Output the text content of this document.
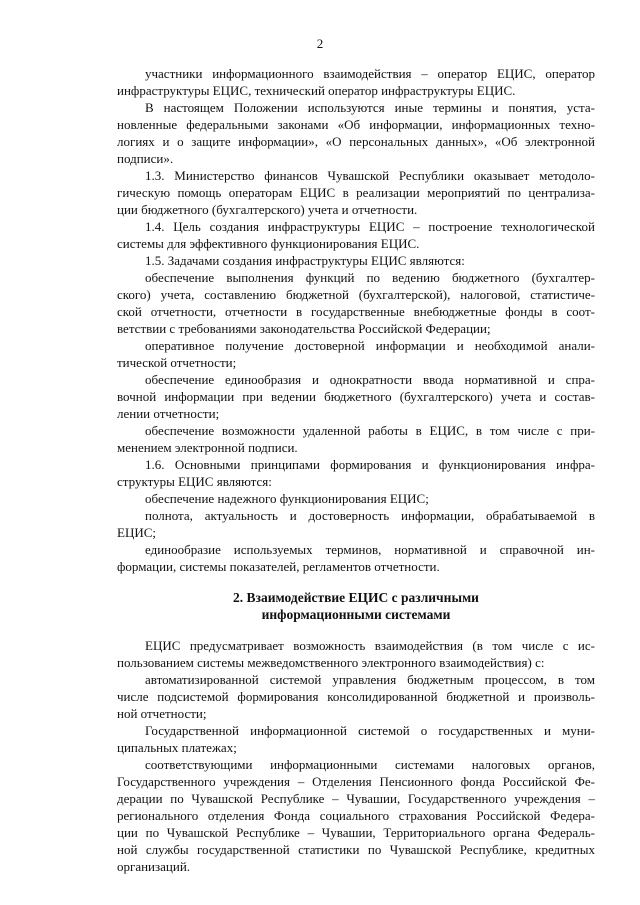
2
участники информационного взаимодействия – оператор ЕЦИС, оператор
инфраструктуры ЕЦИС, технический оператор инфраструктуры ЕЦИС.
В настоящем Положении используются иные термины и понятия, уста-
новленные федеральными законами «Об информации, информационных техно-
логиях и о защите информации», «О персональных данных», «Об электронной
подписи».
1.3. Министерство финансов Чувашской Республики оказывает методоло-
гическую помощь операторам ЕЦИС в реализации мероприятий по централиза-
ции бюджетного (бухгалтерского) учета и отчетности.
1.4. Цель создания инфраструктуры ЕЦИС – построение технологической
системы для эффективного функционирования ЕЦИС.
1.5. Задачами создания инфраструктуры ЕЦИС являются:
обеспечение выполнения функций по ведению бюджетного (бухгалтер-
ского) учета, составлению бюджетной (бухгалтерской), налоговой, статистиче-
ской отчетности, отчетности в государственные внебюджетные фонды в соот-
ветствии с требованиями законодательства Российской Федерации;
оперативное получение достоверной информации и необходимой анали-
тической отчетности;
обеспечение единообразия и однократности ввода нормативной и спра-
вочной информации при ведении бюджетного (бухгалтерского) учета и состав-
лении отчетности;
обеспечение возможности удаленной работы в ЕЦИС, в том числе с при-
менением электронной подписи.
1.6. Основными принципами формирования и функционирования инфра-
структуры ЕЦИС являются:
обеспечение надежного функционирования ЕЦИС;
полнота, актуальность и достоверность информации, обрабатываемой в
ЕЦИС;
единообразие используемых терминов, нормативной и справочной ин-
формации, системы показателей, регламентов отчетности.
2. Взаимодействие ЕЦИС с различными
информационными системами
ЕЦИС предусматривает возможность взаимодействия (в том числе с ис-
пользованием системы межведомственного электронного взаимодействия) с:
автоматизированной системой управления бюджетным процессом, в том
числе подсистемой формирования консолидированной бюджетной и произволь-
ной отчетности;
Государственной информационной системой о государственных и муни-
ципальных платежах;
соответствующими информационными системами налоговых органов,
Государственного учреждения – Отделения Пенсионного фонда Российской Фе-
дерации по Чувашской Республике – Чувашии, Государственного учреждения –
регионального отделения Фонда социального страхования Российской Федера-
ции по Чувашской Республике – Чувашии, Территориального органа Федераль-
ной службы государственной статистики по Чувашской Республике, кредитных
организаций.
